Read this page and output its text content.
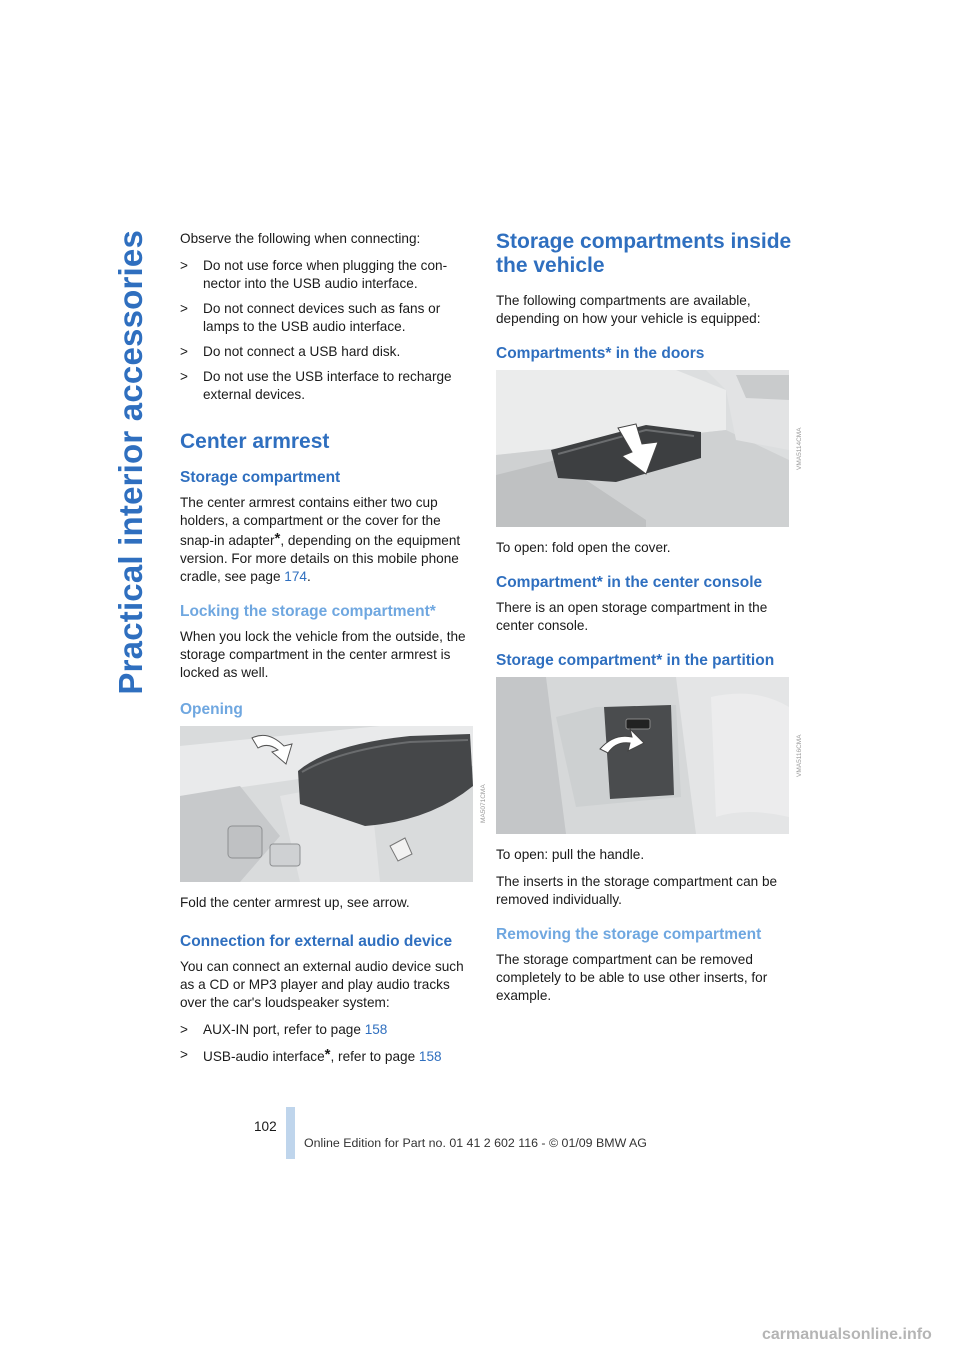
Practical interior accessories Observe the following when connecting:

> Do not use force when plugging the con-nector into the USB audio interface.
> Do not connect devices such as fans or lamps to the USB audio interface.
> Do not connect a USB hard disk.
> Do not use the USB interface to recharge external devices.
Center armrest
Storage compartment

The center armrest contains either two cup holders, a compartment or the cover for the snap-in adapter*, depending on the equipment version. For more details on this mobile phone cradle, see page 174.

Locking the storage compartment*

When you lock the vehicle from the outside, the storage compartment in the center armrest is locked as well.

Opening
MA5071CMA

Fold the center armrest up, see arrow.

Connection for external audio device

You can connect an external audio device such as a CD or MP3 player and play audio tracks over the car's loudspeaker system:

> AUX-IN port, refer to page 158
> USB-audio interface*, refer to page 158
Storage compartments inside the vehicle

The following compartments are available, depending on how your vehicle is equipped:

Compartments* in the doors
VMA5114CMA

To open: fold open the cover.

Compartment* in the center console

There is an open storage compartment in the center console.

Storage compartment* in the partition
VMA5116CMA

To open: pull the handle.

The inserts in the storage compartment can be removed individually.

Removing the storage compartment

The storage compartment can be removed completely to be able to use other inserts, for example.

102
Online Edition for Part no. 01 41 2 602 116 - © 01/09 BMW AG
carmanualsonline.info
